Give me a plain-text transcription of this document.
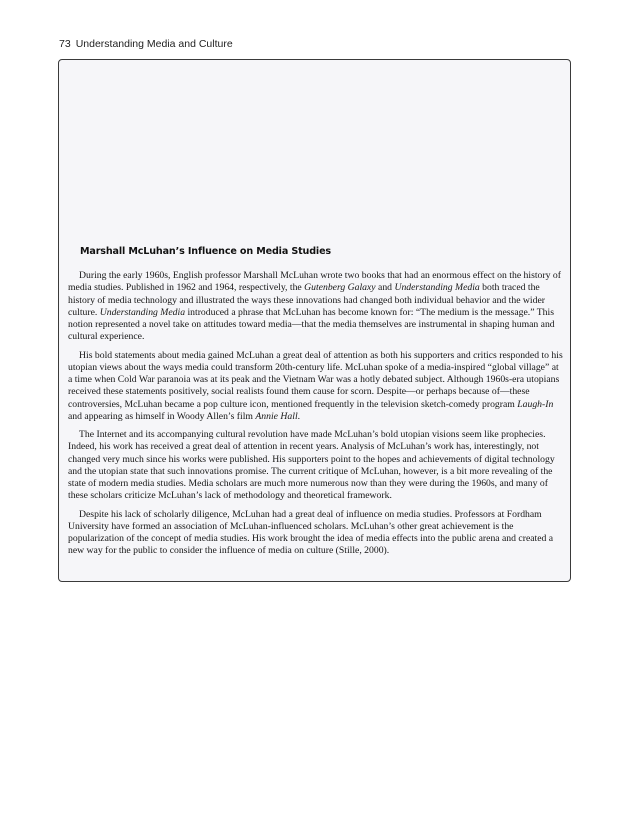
73 Understanding Media and Culture
Marshall McLuhan’s Influence on Media Studies

During the early 1960s, English professor Marshall McLuhan wrote two books that had an enormous effect on the history of media studies. Published in 1962 and 1964, respectively, the Gutenberg Galaxy and Understanding Media both traced the history of media technology and illustrated the ways these innovations had changed both individual behavior and the wider culture. Understanding Media introduced a phrase that McLuhan has become known for: “The medium is the message.” This notion represented a novel take on attitudes toward media—that the media themselves are instrumental in shaping human and cultural experience.

His bold statements about media gained McLuhan a great deal of attention as both his supporters and critics responded to his utopian views about the ways media could transform 20th-century life. McLuhan spoke of a media-inspired “global village” at a time when Cold War paranoia was at its peak and the Vietnam War was a hotly debated subject. Although 1960s-era utopians received these statements positively, social realists found them cause for scorn. Despite—or perhaps because of—these controversies, McLuhan became a pop culture icon, mentioned frequently in the television sketch-comedy program Laugh-In and appearing as himself in Woody Allen’s film Annie Hall.

The Internet and its accompanying cultural revolution have made McLuhan’s bold utopian visions seem like prophecies. Indeed, his work has received a great deal of attention in recent years. Analysis of McLuhan’s work has, interestingly, not changed very much since his works were published. His supporters point to the hopes and achievements of digital technology and the utopian state that such innovations promise. The current critique of McLuhan, however, is a bit more revealing of the state of modern media studies. Media scholars are much more numerous now than they were during the 1960s, and many of these scholars criticize McLuhan’s lack of methodology and theoretical framework.

Despite his lack of scholarly diligence, McLuhan had a great deal of influence on media studies. Professors at Fordham University have formed an association of McLuhan-influenced scholars. McLuhan’s other great achievement is the popularization of the concept of media studies. His work brought the idea of media effects into the public arena and created a new way for the public to consider the influence of media on culture (Stille, 2000).
